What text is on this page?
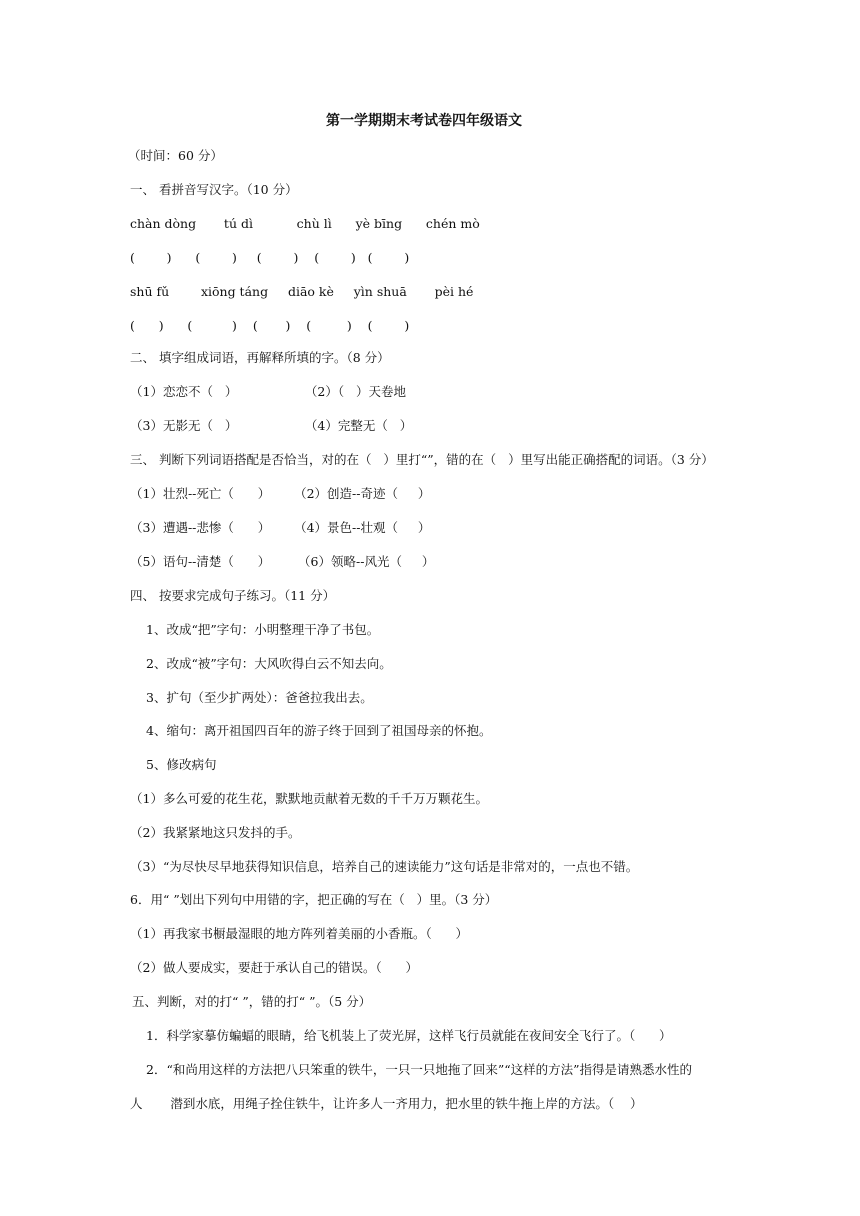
第一学期期末考试卷四年级语文
（时间：60 分）
一、 看拼音写汉字。（10 分）
chàn dòng       tú dì           chù lì      yè bīng      chén mò
(        )      (        )     (        )    (        )   (        )
shū fǔ        xiōng táng     diāo kè     yìn shuā       pèi hé
(      )      (          )    (       )    (         )    (        )
二、 填字组成词语，再解释所填的字。（8 分）
（1）恋恋不（   ）                 （2）（   ）天卷地
（3）无影无（   ）                 （4）完整无（   ）
三、 判断下列词语搭配是否恰当，对的在（   ）里打“”，错的在（   ）里写出能正确搭配的词语。（3 分）
（1）壮烈--死亡（      ）      （2）创造--奇迹（     ）
（3）遭遇--悲惨（      ）      （4）景色--壮观（     ）
（5）语句--清楚（      ）       （6）领略--风光（     ）
四、 按要求完成句子练习。（11 分）
1、改成“把”字句：小明整理干净了书包。
2、改成“被”字句：大风吹得白云不知去向。
3、扩句（至少扩两处）：爸爸拉我出去。
4、缩句：离开祖国四百年的游子终于回到了祖国母亲的怀抱。
5、修改病句
（1）多么可爱的花生花，默默地贡献着无数的千千万万颗花生。
（2）我紧紧地这只发抖的手。
（3）“为尽快尽早地获得知识信息，培养自己的速读能力”这句话是非常对的，一点也不错。
6．用“ ”划出下列句中用错的字，把正确的写在（   ）里。（3 分）
（1）再我家书橱最湿眼的地方阵列着美丽的小香瓶。（      ）
（2）做人要成实，要赶于承认自己的错误。（      ）
五、判断，对的打“ ”，错的打“ ”。（5 分）
1．科学家摹仿蝙蝠的眼睛，给飞机装上了荧光屏，这样飞行员就能在夜间安全飞行了。（      ）
2．“和尚用这样的方法把八只笨重的铁牛，一只一只地拖了回来”“这样的方法”指得是请熟悉水性的
人       潜到水底，用绳子拴住铁牛，让许多人一齐用力，把水里的铁牛拖上岸的方法。（    ）
